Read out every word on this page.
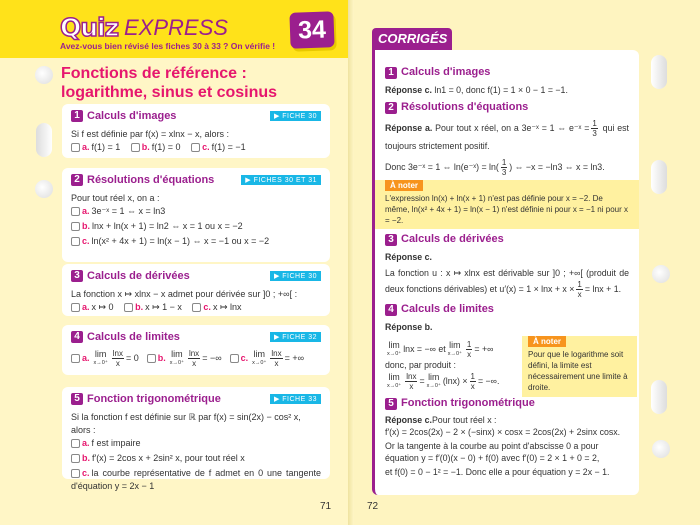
Quiz EXPRESS
Avez-vous bien révisé les fiches 30 à 33 ? On vérifie !
34
Fonctions de référence :
logarithme, sinus et cosinus
1 Calculs d'images	▶ FICHE 30
Si f est définie par f(x) = xlnx − x, alors :
a. f(1) = 1
b. f(1) = 0
c. f(1) = −1
2 Résolutions d'équations	▶ FICHES 30 ET 31
Pour tout réel x, on a :
a. 3e⁻ˣ = 1 ⇔ x = ln3
b. lnx + ln(x + 1) = ln2 ⇔ x = 1 ou x = −2
c. ln(x² + 4x + 1) = ln(x − 1) ⇔ x = −1 ou x = −2
3 Calculs de dérivées	▶ FICHE 30
La fonction x ↦ xlnx − x admet pour dérivée sur ]0 ; +∞[ :
a. x ↦ 0
b. x ↦ 1 − x
c. x ↦ lnx
4 Calculs de limites	▶ FICHE 32
a. lim
$x\to 0^+ \frac{\ln x}{x} = 0$ b. lim
$x\to 0^+ \frac{\ln x}{x}$ = −∞ c. lim
$x\to 0^+ \frac{\ln x}{x}$ = +∞
5 Fonction trigonométrique	▶ FICHE 33
Si la fonction f est définie sur ℝ par f(x) = sin(2x) − cos² x, alors :
a. f est impaire
b. f′(x) = 2cos x + 2sin² x, pour tout réel x
c. la courbe représentative de f admet en 0 une tangente d'équation y = 2x − 1
71
CORRIGÉS
1 Calculs d'images

Réponse c. ln1 = 0, donc f(1) = 1 × 0 − 1 = −1.

2 Résolutions d'équations

Réponse a. Pour tout x réel, on a 3e⁻ˣ = 1 ⇔ e⁻ˣ = $\frac{1}{3}$ qui est toujours strictement positif.

Donc 3e⁻ˣ = 1 ⇔ ln(e⁻ˣ) = $\ln( \frac{1}{3}$ ) ⇔ −x = −ln3 ⇔ x = ln3.

À noter
L'expression ln(x) + ln(x + 1) n'est pas définie pour x = −2. De même, ln(x² + 4x + 1) = ln(x − 1) n'est définie ni pour x = −1 ni pour x = −2.
3 Calculs de dérivées

Réponse c.

La fonction u : x ↦ xlnx est dérivable sur ]0 ; +∞[ (produit de deux fonctions dérivables) et $u'(x) = 1 \times \ln x + x \times \frac{1}{x} = \ln x + 1$.

4 Calculs de limites

Réponse b.

lim
x→0⁺ lnx = −∞ et lim
$x\to 0^+ \frac{1}{x}$ = +∞
donc, par produit :
lim
$x\to 0^+ \frac{\ln x}{x} = \lim$
x→0⁺ $(\ln x) \times \frac{1}{x}$ = −∞.
À noter
Pour que le logarithme soit défini, la limite est nécessairement une limite à droite.
5 Fonction trigonométrique
Réponse c.Pour tout réel x :

f′(x) = 2cos(2x) − 2 × (−sinx) × cosx = 2cos(2x) + 2sinx cosx.

Or la tangente à la courbe au point d'abscisse 0 a pour équation y = f′(0)(x − 0) + f(0) avec f′(0) = 2 × 1 + 0 = 2,

et f(0) = 0 − 1² = −1. Donc elle a pour équation y = 2x − 1.

72
